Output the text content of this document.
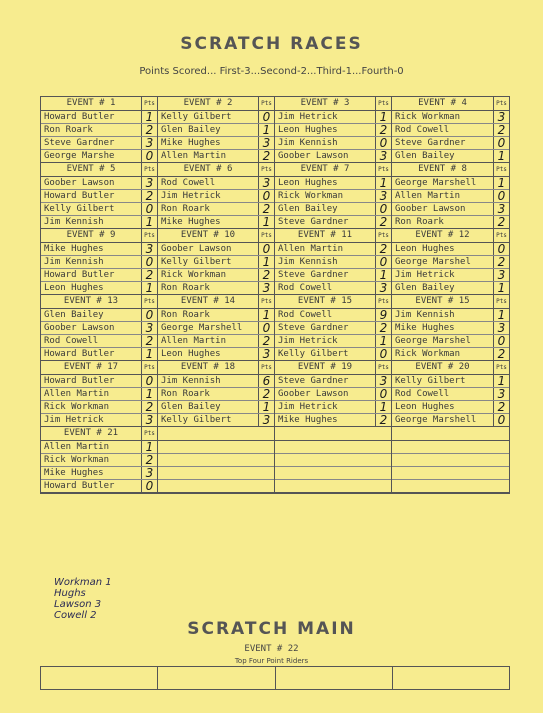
SCRATCH RACES
Points Scored... First-3...Second-2...Third-1...Fourth-0
EVENT # 1	Pts
Howard Butler	1
Ron Roark	2
Steve Gardner	3
George Marshe	0
EVENT # 2	Pts
Kelly Gilbert	0
Glen Bailey	1
Mike Hughes	3
Allen Martin	2
EVENT # 3	Pts
Jim Hetrick	1
Leon Hughes	2
Jim Kennish	0
Goober Lawson	3
EVENT # 4	Pts
Rick Workman	3
Rod Cowell	2
Steve Gardner	0
Glen Bailey	1
EVENT # 5	Pts
Goober Lawson	3
Howard Butler	2
Kelly Gilbert	0
Jim Kennish	1
EVENT # 6	Pts
Rod Cowell	3
Jim Hetrick	0
Ron Roark	2
Mike Hughes	1
EVENT # 7	Pts
Leon Hughes	1
Rick Workman	3
Glen Bailey	0
Steve Gardner	2
EVENT # 8	Pts
George Marshell	1
Allen Martin	0
Goober Lawson	3
Ron Roark	2
EVENT # 9	Pts
Mike Hughes	3
Jim Kennish	0
Howard Butler	2
Leon Hughes	1
EVENT # 10	Pts
Goober Lawson	0
Kelly Gilbert	1
Rick Workman	2
Ron Roark	3
EVENT # 11	Pts
Allen Martin	2
Jim Kennish	0
Steve Gardner	1
Rod Cowell	3
EVENT # 12	Pts
Leon Hughes	0
George Marshel	2
Jim Hetrick	3
Glen Bailey	1
EVENT # 13	Pts
Glen Bailey	0
Goober Lawson	3
Rod Cowell	2
Howard Butler	1
EVENT # 14	Pts
Ron Roark	1
George Marshell	0
Allen Martin	2
Leon Hughes	3
EVENT # 15	Pts
Rod Cowell	9
Steve Gardner	2
Jim Hetrick	1
Kelly Gilbert	0
EVENT # 15	Pts
Jim Kennish	1
Mike Hughes	3
George Marshel	0
Rick Workman	2
EVENT # 17	Pts
Howard Butler	0
Allen Martin	1
Rick Workman	2
Jim Hetrick	3
EVENT # 18	Pts
Jim Kennish	6
Ron Roark	2
Glen Bailey	1
Kelly Gilbert	3
EVENT # 19	Pts
Steve Gardner	3
Goober Lawson	0
Jim Hetrick	1
Mike Hughes	2
EVENT # 20	Pts
Kelly Gilbert	1
Rod Cowell	3
Leon Hughes	2
George Marshell	0
EVENT # 21	Pts
Allen Martin	1
Rick Workman	2
Mike Hughes	3
Howard Butler	0
Workman 1
Hughs
Lawson 3
Cowell 2
SCRATCH MAIN
EVENT # 22
Top Four Point Riders
